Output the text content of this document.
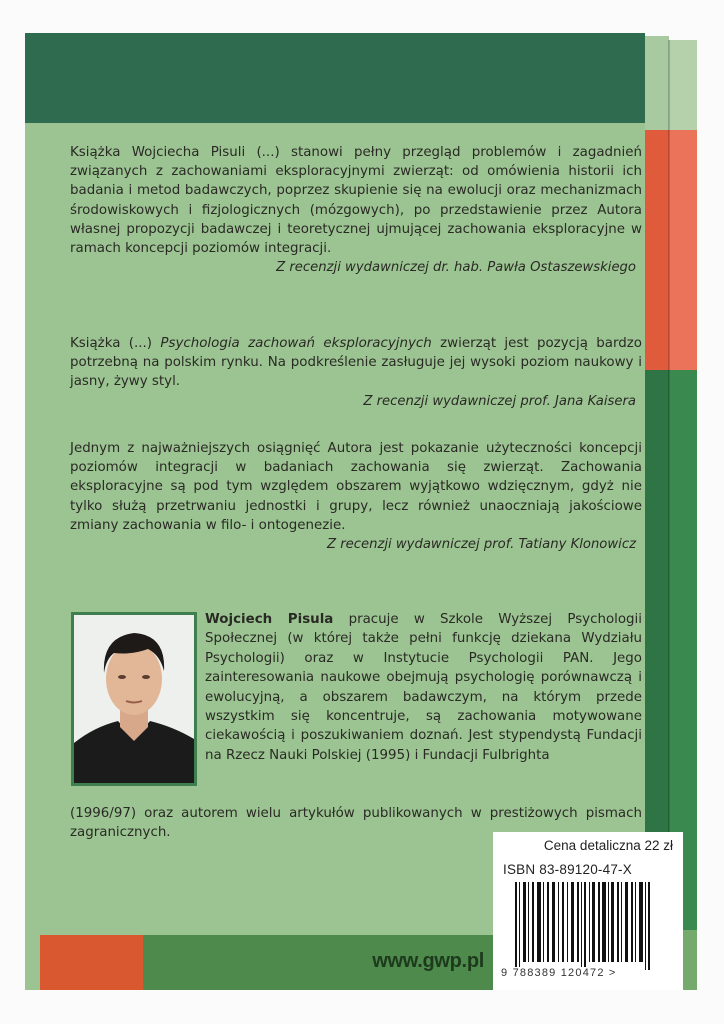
Książka Wojciecha Pisuli (...) stanowi pełny przegląd problemów i zagadnień związanych z zachowaniami eksploracyjnymi zwierząt: od omówienia historii ich badania i metod badawczych, poprzez skupienie się na ewolucji oraz mechanizmach środowiskowych i fizjologicznych (mózgowych), po przedstawienie przez Autora własnej propozycji badawczej i teoretycznej ujmującej zachowania eksploracyjne w ramach koncepcji poziomów integracji.

Z recenzji wydawniczej dr. hab. Pawła Ostaszewskiego

Książka (...) Psychologia zachowań eksploracyjnych zwierząt jest pozycją bardzo potrzebną na polskim rynku. Na podkreślenie zasługuje jej wysoki poziom naukowy i jasny, żywy styl.

Z recenzji wydawniczej prof. Jana Kaisera

Jednym z najważniejszych osiągnięć Autora jest pokazanie użyteczności koncepcji poziomów integracji w badaniach zachowania się zwierząt. Zachowania eksploracyjne są pod tym względem obszarem wyjątkowo wdzięcznym, gdyż nie tylko służą przetrwaniu jednostki i grupy, lecz również unaoczniają jakościowe zmiany zachowania w filo- i ontogenezie.

Z recenzji wydawniczej prof. Tatiany Klonowicz
Wojciech Pisula pracuje w Szkole Wyższej Psychologii Społecznej (w której także pełni funkcję dziekana Wydziału Psychologii) oraz w Instytucie Psychologii PAN. Jego zainteresowania naukowe obejmują psychologię porównawczą i ewolucyjną, a obszarem badawczym, na którym przede wszystkim się koncentruje, są zachowania motywowane ciekawością i poszukiwaniem doznań. Jest stypendystą Fundacji na Rzecz Nauki Polskiej (1995) i Fundacji Fulbrighta
(1996/97) oraz autorem wielu artykułów publikowanych w prestiżowych pismach zagranicznych.
www.gwp.pl
Cena detaliczna 22 zł
ISBN 83-89120-47-X
9 788389 120472 >
